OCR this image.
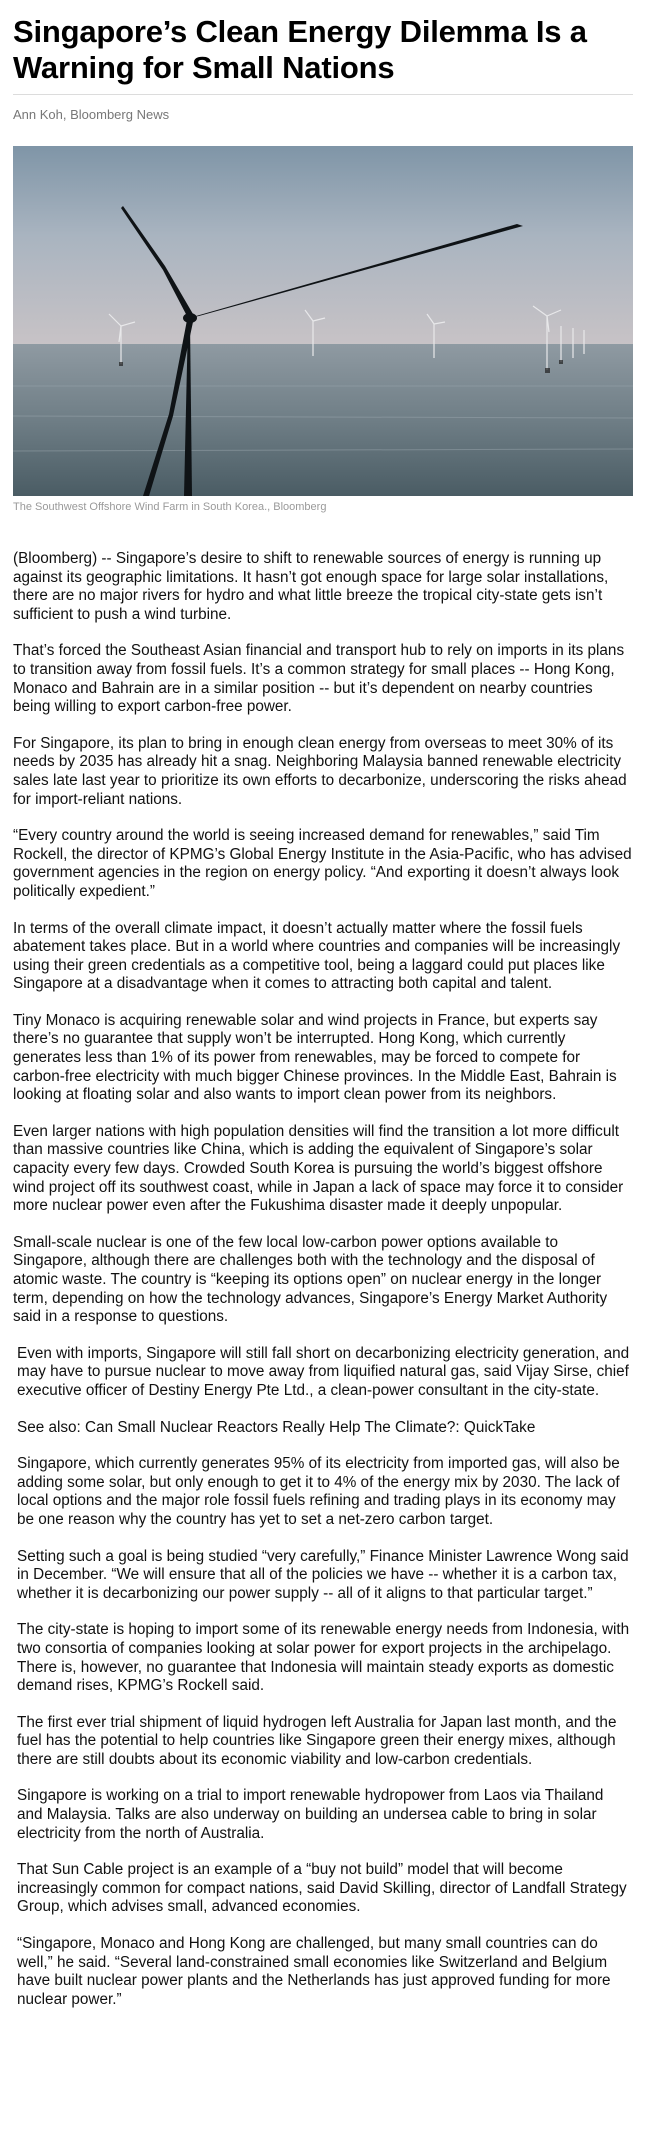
Singapore’s Clean Energy Dilemma Is a Warning for Small Nations
Ann Koh, Bloomberg News
The Southwest Offshore Wind Farm in South Korea., Bloomberg

(Bloomberg) -- Singapore’s desire to shift to renewable sources of energy is running up against its geographic limitations. It hasn’t got enough space for large solar installations, there are no major rivers for hydro and what little breeze the tropical city-state gets isn’t sufficient to push a wind turbine.

That’s forced the Southeast Asian financial and transport hub to rely on imports in its plans to transition away from fossil fuels. It’s a common strategy for small places -- Hong Kong, Monaco and Bahrain are in a similar position -- but it’s dependent on nearby countries being willing to export carbon-free power.

For Singapore, its plan to bring in enough clean energy from overseas to meet 30% of its needs by 2035 has already hit a snag. Neighboring Malaysia banned renewable electricity sales late last year to prioritize its own efforts to decarbonize, underscoring the risks ahead for import-reliant nations.

“Every country around the world is seeing increased demand for renewables,” said Tim Rockell, the director of KPMG’s Global Energy Institute in the Asia-Pacific, who has advised government agencies in the region on energy policy. “And exporting it doesn’t always look politically expedient.”

In terms of the overall climate impact, it doesn’t actually matter where the fossil fuels abatement takes place. But in a world where countries and companies will be increasingly using their green credentials as a competitive tool, being a laggard could put places like Singapore at a disadvantage when it comes to attracting both capital and talent.

Tiny Monaco is acquiring renewable solar and wind projects in France, but experts say there’s no guarantee that supply won’t be interrupted. Hong Kong, which currently generates less than 1% of its power from renewables, may be forced to compete for carbon-free electricity with much bigger Chinese provinces. In the Middle East, Bahrain is looking at floating solar and also wants to import clean power from its neighbors.

Even larger nations with high population densities will find the transition a lot more difficult than massive countries like China, which is adding the equivalent of Singapore’s solar capacity every few days. Crowded South Korea is pursuing the world’s biggest offshore wind project off its southwest coast, while in Japan a lack of space may force it to consider more nuclear power even after the Fukushima disaster made it deeply unpopular.

Small-scale nuclear is one of the few local low-carbon power options available to Singapore, although there are challenges both with the technology and the disposal of atomic waste. The country is “keeping its options open” on nuclear energy in the longer term, depending on how the technology advances, Singapore’s Energy Market Authority said in a response to questions.

Even with imports, Singapore will still fall short on decarbonizing electricity generation, and may have to pursue nuclear to move away from liquified natural gas, said Vijay Sirse, chief executive officer of Destiny Energy Pte Ltd., a clean-power consultant in the city-state.

See also: Can Small Nuclear Reactors Really Help The Climate?: QuickTake

Singapore, which currently generates 95% of its electricity from imported gas, will also be adding some solar, but only enough to get it to 4% of the energy mix by 2030. The lack of local options and the major role fossil fuels refining and trading plays in its economy may be one reason why the country has yet to set a net-zero carbon target.

Setting such a goal is being studied “very carefully,” Finance Minister Lawrence Wong said in December. “We will ensure that all of the policies we have -- whether it is a carbon tax, whether it is decarbonizing our power supply -- all of it aligns to that particular target.”

The city-state is hoping to import some of its renewable energy needs from Indonesia, with two consortia of companies looking at solar power for export projects in the archipelago. There is, however, no guarantee that Indonesia will maintain steady exports as domestic demand rises, KPMG’s Rockell said.

The first ever trial shipment of liquid hydrogen left Australia for Japan last month, and the fuel has the potential to help countries like Singapore green their energy mixes, although there are still doubts about its economic viability and low-carbon credentials.

Singapore is working on a trial to import renewable hydropower from Laos via Thailand and Malaysia. Talks are also underway on building an undersea cable to bring in solar electricity from the north of Australia.

That Sun Cable project is an example of a “buy not build” model that will become increasingly common for compact nations, said David Skilling, director of Landfall Strategy Group, which advises small, advanced economies.

“Singapore, Monaco and Hong Kong are challenged, but many small countries can do well,” he said. “Several land-constrained small economies like Switzerland and Belgium have built nuclear power plants and the Netherlands has just approved funding for more nuclear power.”
